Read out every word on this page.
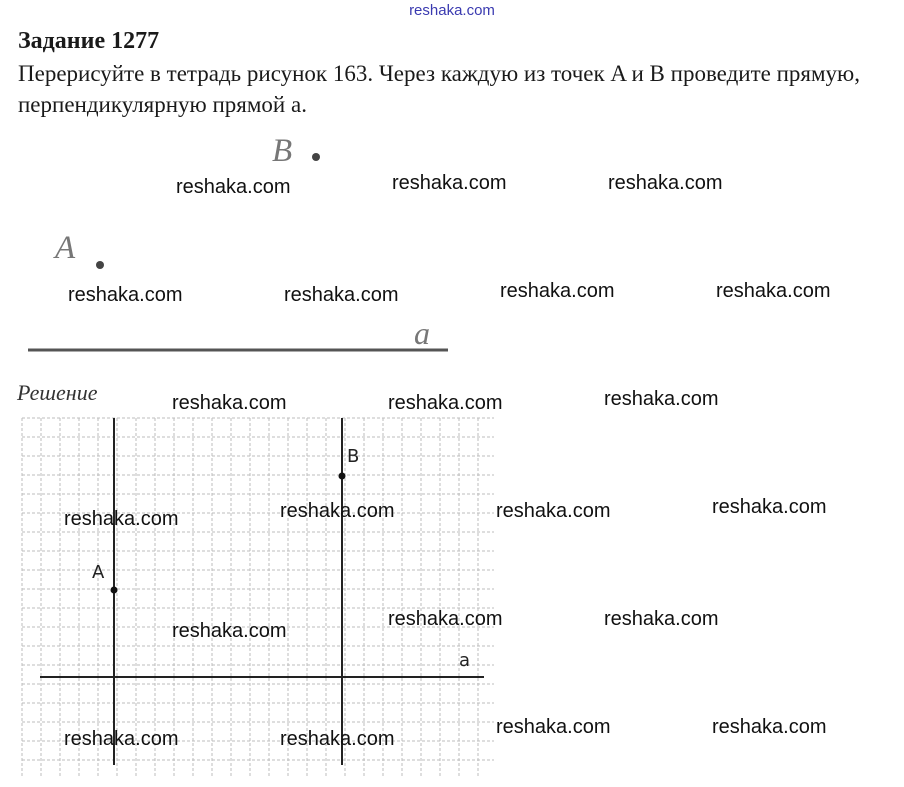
reshaka.com
Задание 1277
Перерисуйте в тетрадь рисунок 163. Через каждую из точек A и B проведите прямую, перпендикулярную прямой a.
B
A
a
Решение
B
A
a
reshaka.com	reshaka.com	reshaka.com
reshaka.com	reshaka.com	reshaka.com	reshaka.com
reshaka.com	reshaka.com	reshaka.com
reshaka.com	reshaka.com	reshaka.com	reshaka.com
reshaka.com
reshaka.com	reshaka.com
reshaka.com	reshaka.com
reshaka.com	reshaka.com
